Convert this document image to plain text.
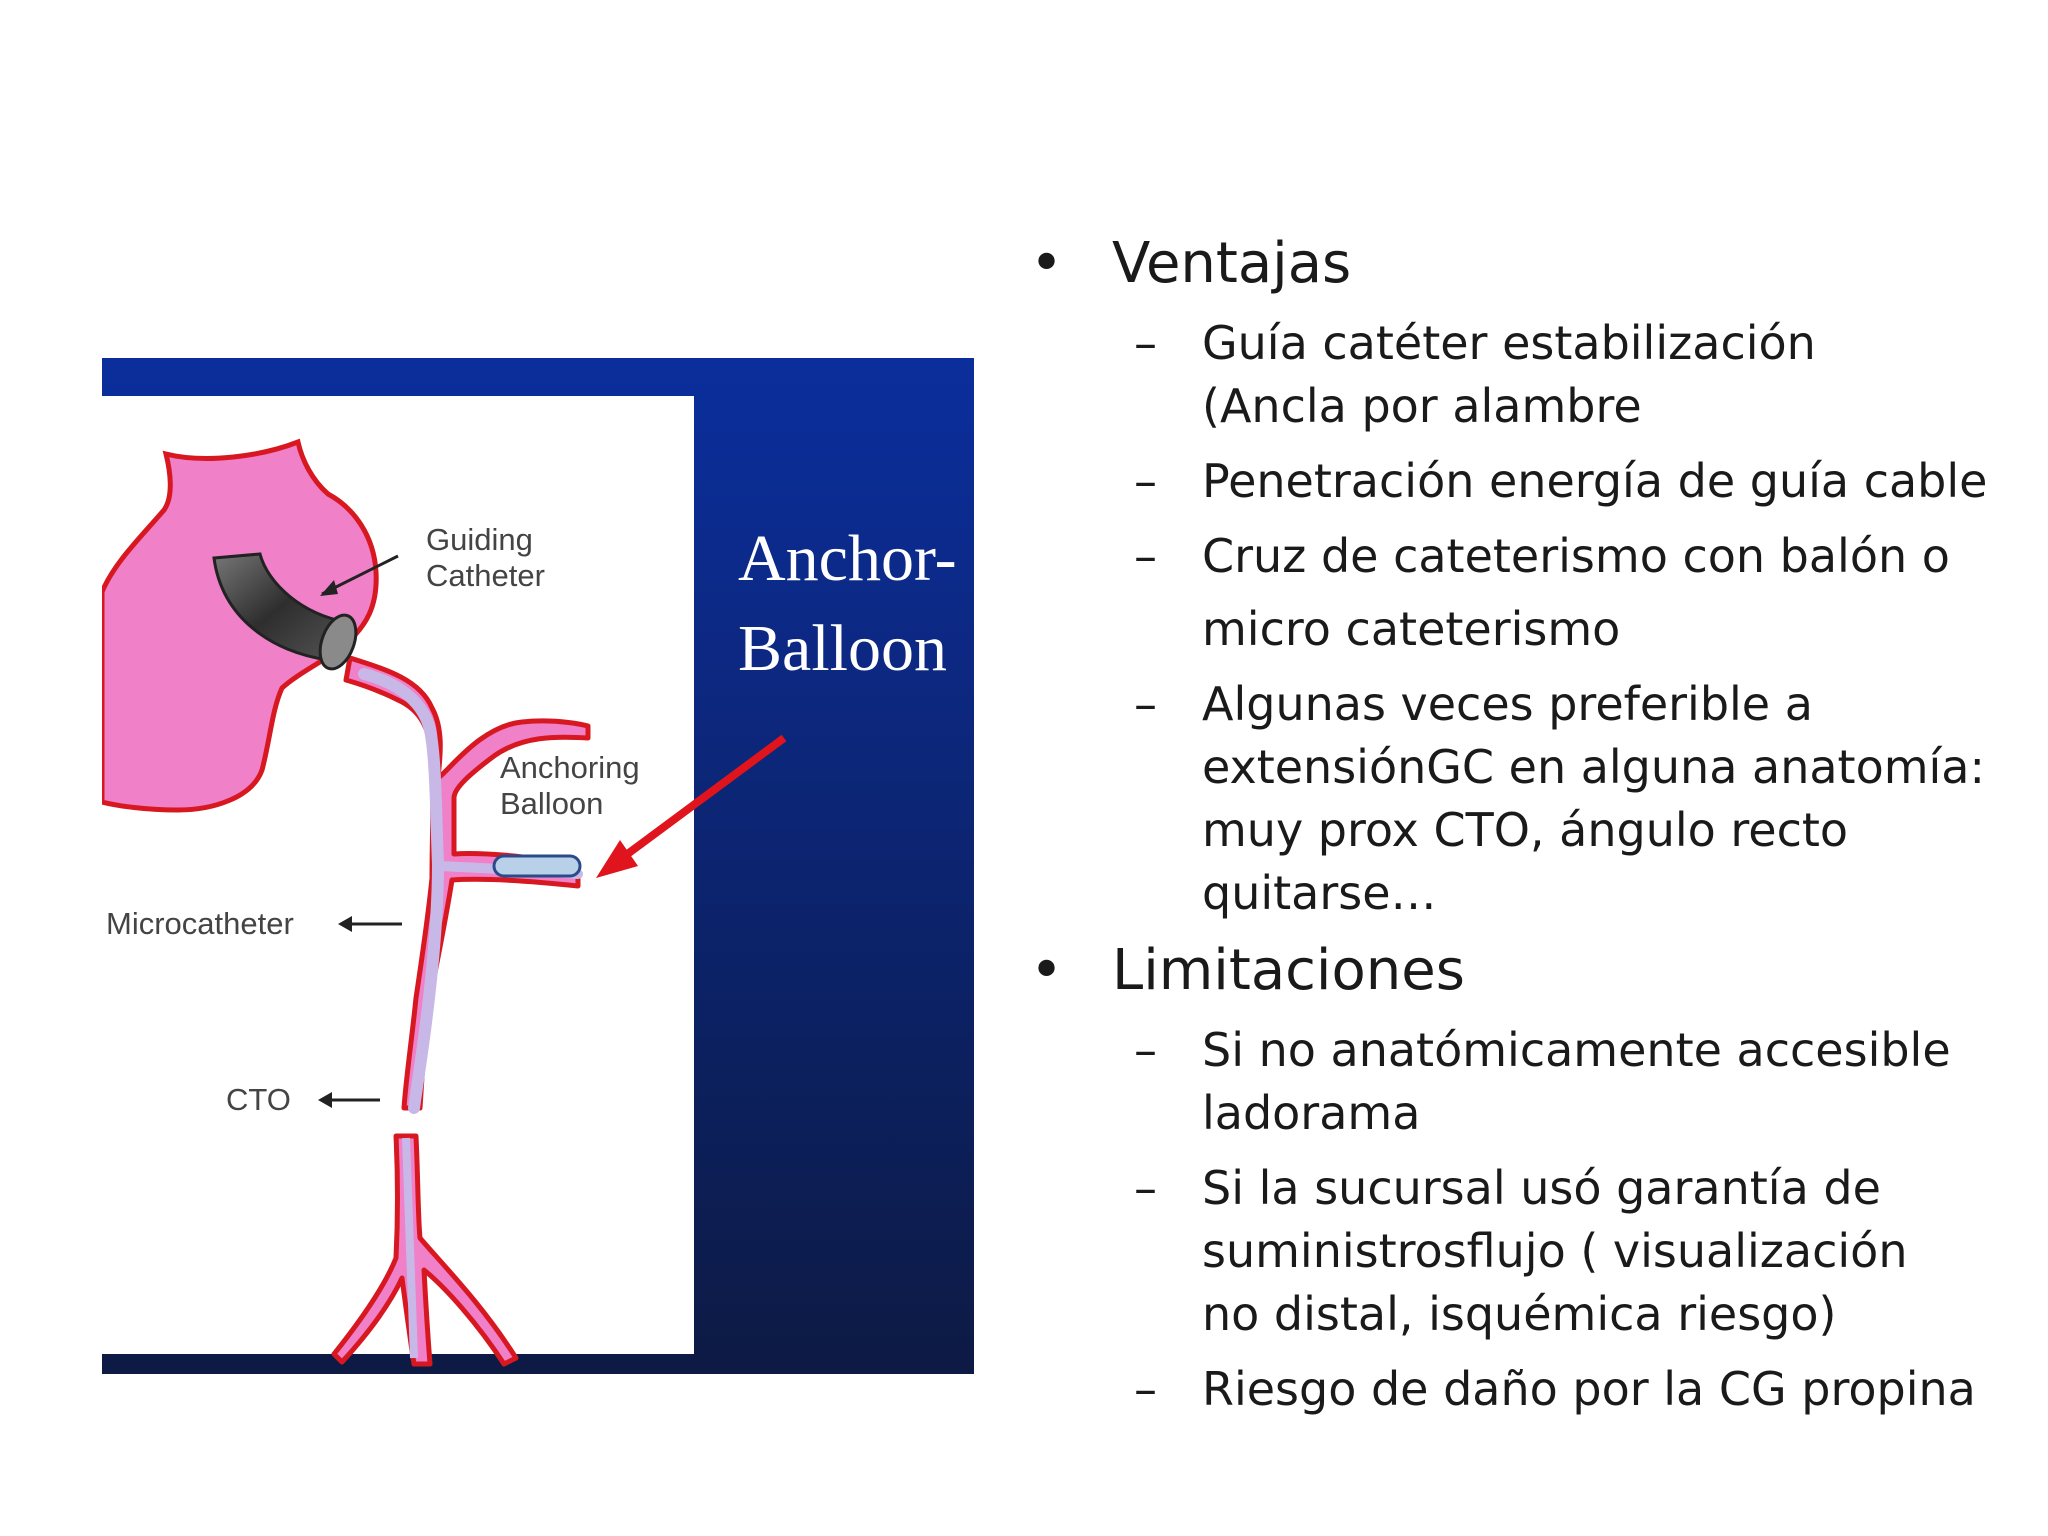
Guiding
Catheter
Anchoring
Balloon
Microcatheter
CTO
Anchor-
Balloon
• Ventajas
– Guía catéter estabilización
(Ancla por alambre
– Penetración energía de guía cable
– Cruz de cateterismo con balón o
micro cateterismo
– Algunas veces preferible a
extensiónGC en alguna anatomía:
muy prox CTO, ángulo recto
quitarse…
• Limitaciones
– Si no anatómicamente accesible
ladorama
– Si la sucursal usó garantía de
suministrosflujo ( visualización
no distal, isquémica riesgo)
– Riesgo de daño por la CG propina
